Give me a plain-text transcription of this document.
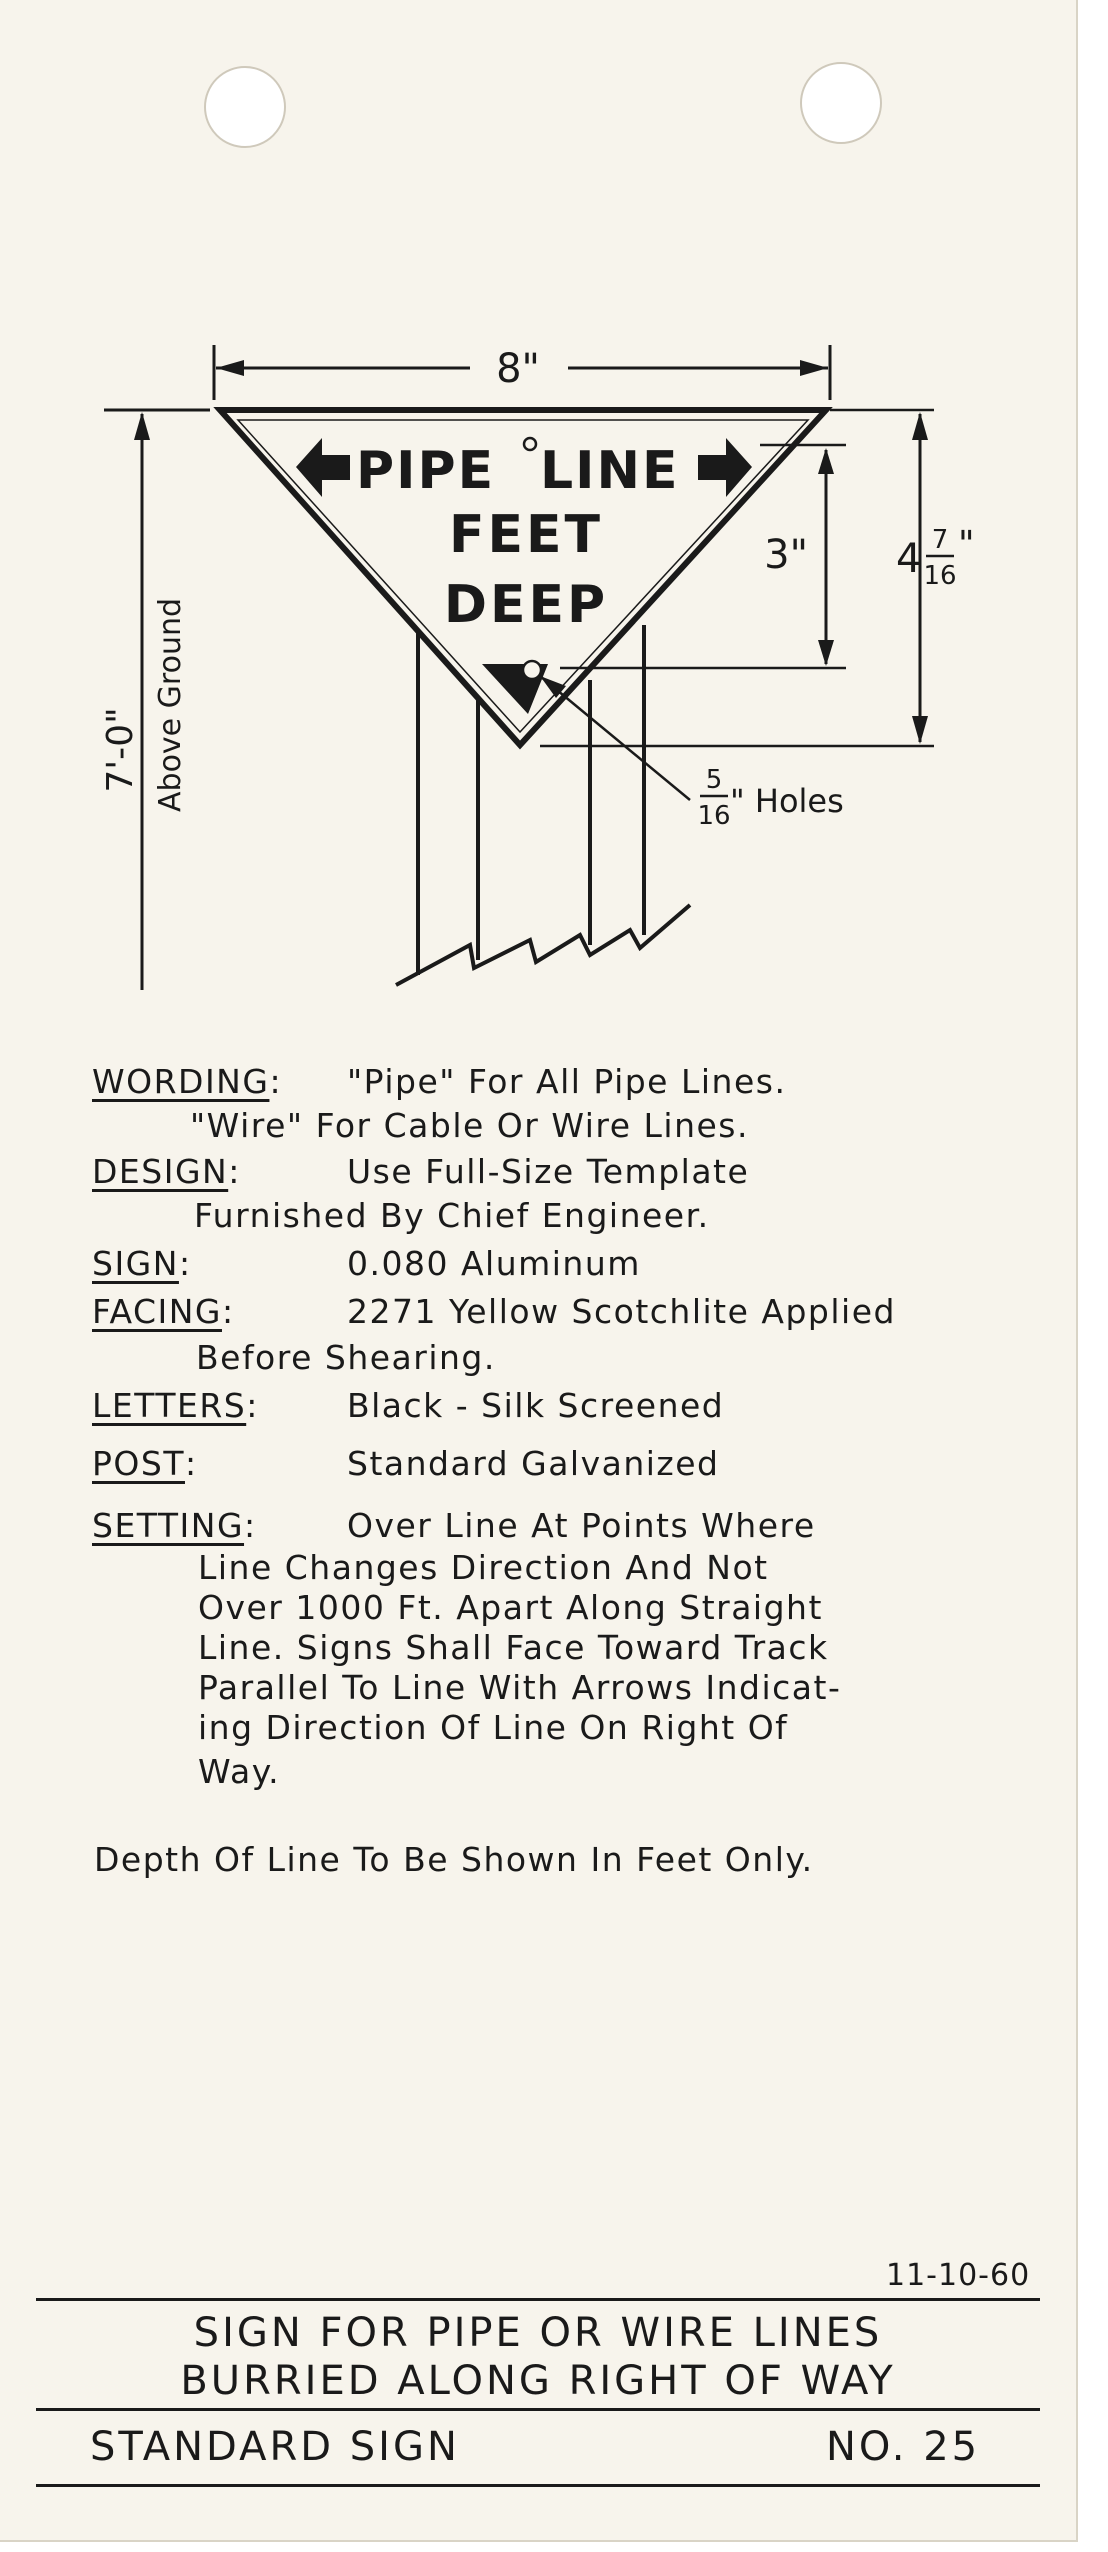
8"
7'-0" Above Ground
PIPE LINE
FEET
DEEP
3" 4 7
16
"
5
16 " Holes
WORDING: "Pipe" For All Pipe Lines.
"Wire" For Cable Or Wire Lines.
DESIGN:	Use Full-Size Template
Furnished By Chief Engineer.
SIGN:	0.080 Aluminum
FACING:	2271 Yellow Scotchlite Applied
Before Shearing.
LETTERS:	Black - Silk Screened
POST:	Standard Galvanized
SETTING:	Over Line At Points Where
Line Changes Direction And Not
Over 1000 Ft. Apart Along Straight
Line. Signs Shall Face Toward Track
Parallel To Line With Arrows Indicat-
ing Direction Of Line On Right Of
Way.
Depth Of Line To Be Shown In Feet Only.
11-10-60
SIGN FOR PIPE OR WIRE LINES
BURRIED ALONG RIGHT OF WAY
STANDARD SIGN	NO. 25
